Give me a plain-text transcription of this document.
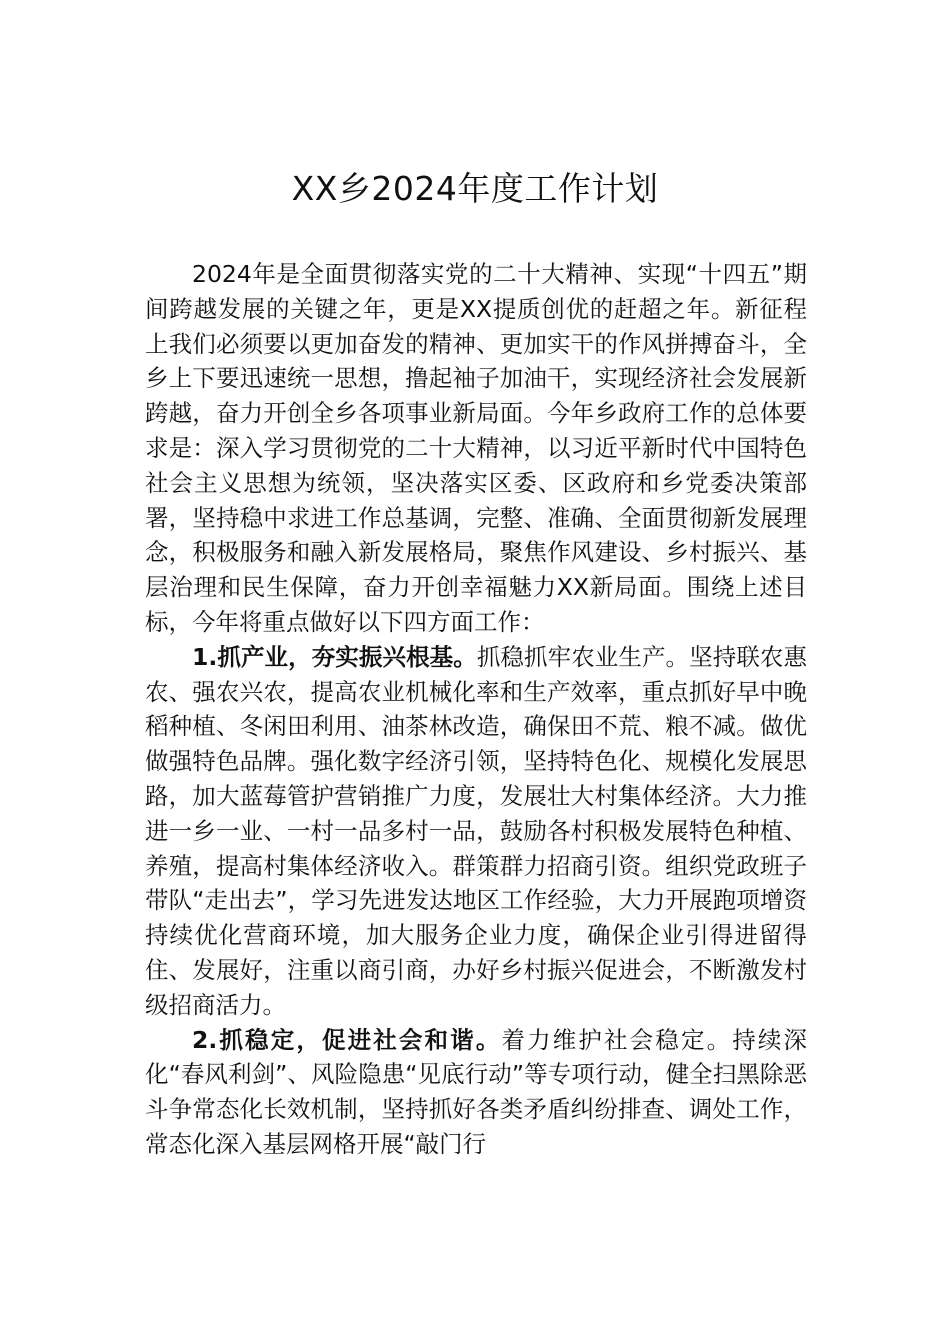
XX乡2024年度工作计划

2024年是全面贯彻落实党的二十大精神、实现“十四五”期间跨越发展的关键之年，更是XX提质创优的赶超之年。新征程上我们必须要以更加奋发的精神、更加实干的作风拼搏奋斗，全乡上下要迅速统一思想，撸起袖子加油干，实现经济社会发展新跨越，奋力开创全乡各项事业新局面。今年乡政府工作的总体要求是：深入学习贯彻党的二十大精神，以习近平新时代中国特色社会主义思想为统领，坚决落实区委、区政府和乡党委决策部署，坚持稳中求进工作总基调，完整、准确、全面贯彻新发展理念，积极服务和融入新发展格局，聚焦作风建设、乡村振兴、基层治理和民生保障，奋力开创幸福魅力XX新局面。围绕上述目标，今年将重点做好以下四方面工作：

1.抓产业，夯实振兴根基。抓稳抓牢农业生产。坚持联农惠农、强农兴农，提高农业机械化率和生产效率，重点抓好早中晚稻种植、冬闲田利用、油茶林改造，确保田不荒、粮不减。做优做强特色品牌。强化数字经济引领，坚持特色化、规模化发展思路，加大蓝莓管护营销推广力度，发展壮大村集体经济。大力推进一乡一业、一村一品多村一品，鼓励各村积极发展特色种植、养殖，提高村集体经济收入。群策群力招商引资。组织党政班子带队“走出去”，学习先进发达地区工作经验，大力开展跑项增资持续优化营商环境，加大服务企业力度，确保企业引得进留得住、发展好，注重以商引商，办好乡村振兴促进会，不断激发村级招商活力。

2.抓稳定，促进社会和谐。着力维护社会稳定。持续深化“春风利剑”、风险隐患“见底行动”等专项行动，健全扫黑除恶斗争常态化长效机制，坚持抓好各类矛盾纠纷排查、调处工作，常态化深入基层网格开展“敲门行
